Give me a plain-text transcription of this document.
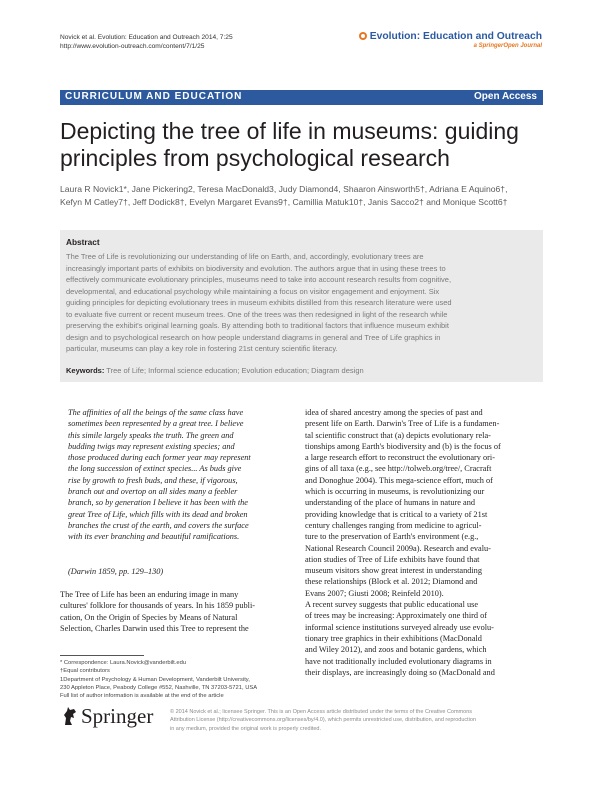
Novick et al. Evolution: Education and Outreach 2014, 7:25
http://www.evolution-outreach.com/content/7/1/25
Evolution: Education and Outreach
a SpringerOpen Journal
CURRICULUM AND EDUCATION	Open Access
Depicting the tree of life in museums: guiding
principles from psychological research
Laura R Novick1*, Jane Pickering2, Teresa MacDonald3, Judy Diamond4, Shaaron Ainsworth5†, Adriana E Aquino6†,
Kefyn M Catley7†, Jeff Dodick8†, Evelyn Margaret Evans9†, Camillia Matuk10†, Janis Sacco2† and Monique Scott6†
Abstract
The Tree of Life is revolutionizing our understanding of life on Earth, and, accordingly, evolutionary trees are
increasingly important parts of exhibits on biodiversity and evolution. The authors argue that in using these trees to
effectively communicate evolutionary principles, museums need to take into account research results from cognitive,
developmental, and educational psychology while maintaining a focus on visitor engagement and enjoyment. Six
guiding principles for depicting evolutionary trees in museum exhibits distilled from this research literature were used
to evaluate five current or recent museum trees. One of the trees was then redesigned in light of the research while
preserving the exhibit's original learning goals. By attending both to traditional factors that influence museum exhibit
design and to psychological research on how people understand diagrams in general and Tree of Life graphics in
particular, museums can play a key role in fostering 21st century scientific literacy.
Keywords: Tree of Life; Informal science education; Evolution education; Diagram design
The affinities of all the beings of the same class have
sometimes been represented by a great tree. I believe
this simile largely speaks the truth. The green and
budding twigs may represent existing species; and
those produced during each former year may represent
the long succession of extinct species... As buds give
rise by growth to fresh buds, and these, if vigorous,
branch out and overtop on all sides many a feebler
branch, so by generation I believe it has been with the
great Tree of Life, which fills with its dead and broken
branches the crust of the earth, and covers the surface
with its ever branching and beautiful ramifications.
(Darwin 1859, pp. 129–130)
The Tree of Life has been an enduring image in many
cultures' folklore for thousands of years. In his 1859 publi-
cation, On the Origin of Species by Means of Natural
Selection, Charles Darwin used this Tree to represent the
idea of shared ancestry among the species of past and
present life on Earth. Darwin's Tree of Life is a fundamen-
tal scientific construct that (a) depicts evolutionary rela-
tionships among Earth's biodiversity and (b) is the focus of
a large research effort to reconstruct the evolutionary ori-
gins of all taxa (e.g., see http://tolweb.org/tree/, Cracraft
and Donoghue 2004). This mega-science effort, much of
which is occurring in museums, is revolutionizing our
understanding of the place of humans in nature and
providing knowledge that is critical to a variety of 21st
century challenges ranging from medicine to agricul-
ture to the preservation of Earth's environment (e.g.,
National Research Council 2009a). Research and evalu-
ation studies of Tree of Life exhibits have found that
museum visitors show great interest in understanding
these relationships (Block et al. 2012; Diamond and
Evans 2007; Giusti 2008; Reinfeld 2010).
A recent survey suggests that public educational use
of trees may be increasing: Approximately one third of
informal science institutions surveyed already use evolu-
tionary tree graphics in their exhibitions (MacDonald
and Wiley 2012), and zoos and botanic gardens, which
have not traditionally included evolutionary diagrams in
their displays, are increasingly doing so (MacDonald and
* Correspondence: Laura.Novick@vanderbilt.edu
†Equal contributors
1Department of Psychology & Human Development, Vanderbilt University,
230 Appleton Place, Peabody College #552, Nashville, TN 37203-5721, USA
Full list of author information is available at the end of the article
Springer	© 2014 Novick et al.; licensee Springer. This is an Open Access article distributed under the terms of the Creative Commons
Attribution License (http://creativecommons.org/licenses/by/4.0), which permits unrestricted use, distribution, and reproduction
in any medium, provided the original work is properly credited.
